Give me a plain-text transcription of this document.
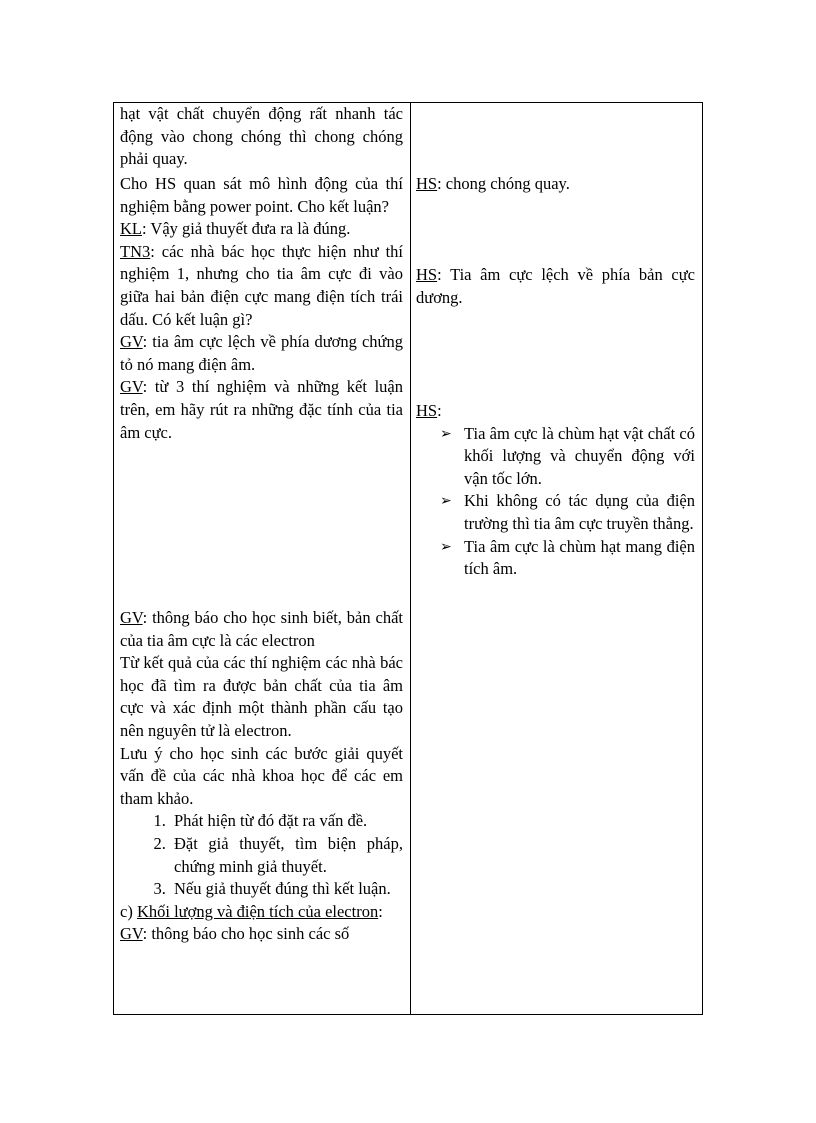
hạt vật chất chuyển động rất nhanh tác động vào chong chóng thì chong chóng phải quay.

Cho HS quan sát mô hình động của thí nghiệm bằng power point. Cho kết luận?

KL: Vậy giả thuyết đưa ra là đúng.

TN3: các nhà bác học thực hiện như thí nghiệm 1, nhưng cho tia âm cực đi vào giữa hai bản điện cực mang điện tích trái dấu. Có kết luận gì?

GV: tia âm cực lệch về phía dương chứng tỏ nó mang điện âm.

GV: từ 3 thí nghiệm và những kết luận trên, em hãy rút ra những đặc tính của tia âm cực.

GV: thông báo cho học sinh biết, bản chất của tia âm cực là các electron

Từ kết quả của các thí nghiệm các nhà bác học đã tìm ra được bản chất của tia âm cực và xác định một thành phần cấu tạo nên nguyên tử là electron.

Lưu ý cho học sinh các bước giải quyết vấn đề của các nhà khoa học để các em tham khảo.

1. Phát hiện từ đó đặt ra vấn đề.
2. Đặt giả thuyết, tìm biện pháp, chứng minh giả thuyết.
3. Nếu giả thuyết đúng thì kết luận.

c) Khối lượng và điện tích của electron:

GV: thông báo cho học sinh các số

HS: chong chóng quay.

HS: Tia âm cực lệch về phía bản cực dương.

HS:

➢ Tia âm cực là chùm hạt vật chất có khối lượng và chuyển động với vận tốc lớn.
➢ Khi không có tác dụng của điện trường thì tia âm cực truyền thẳng.
➢ Tia âm cực là chùm hạt mang điện tích âm.
